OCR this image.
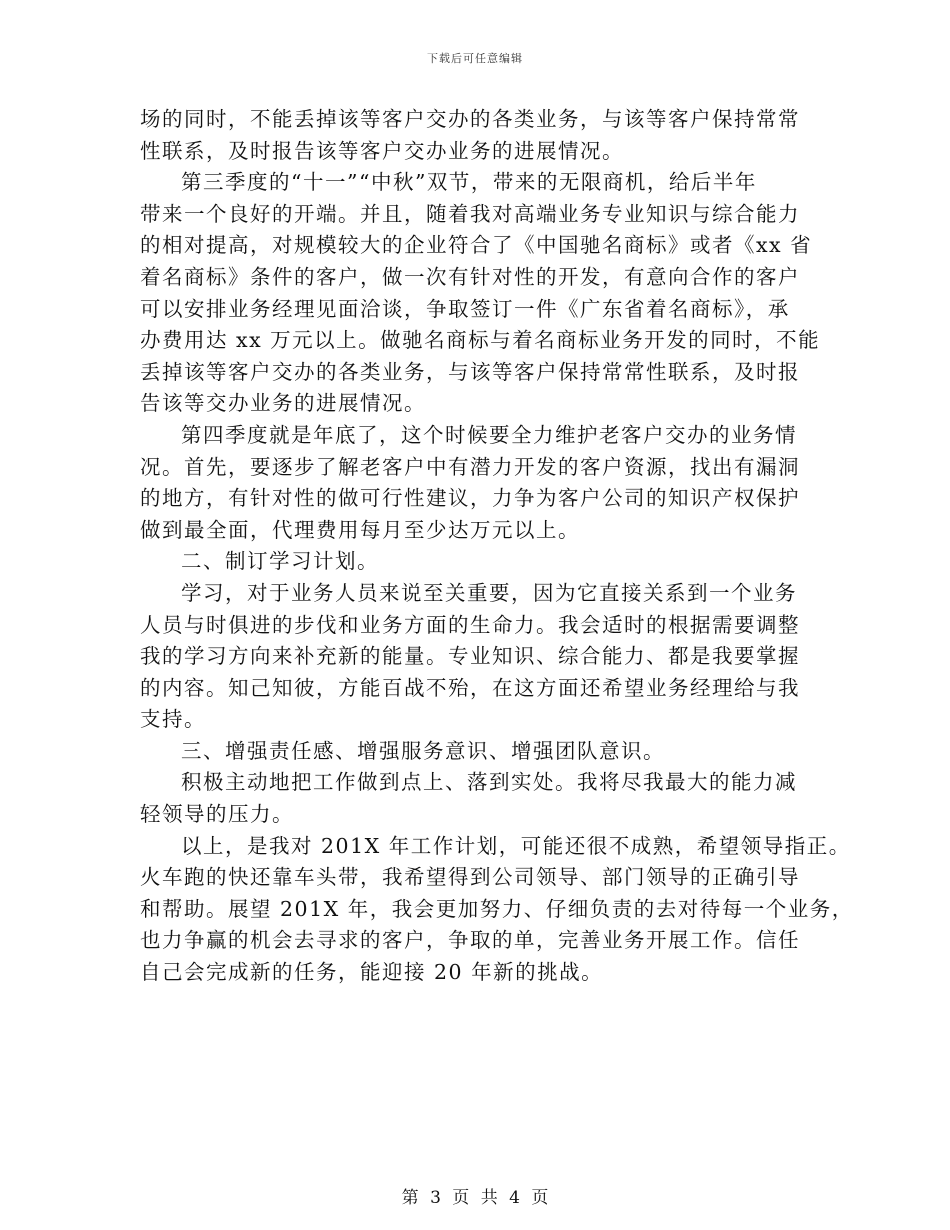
下载后可任意编辑
场的同时，不能丢掉该等客户交办的各类业务，与该等客户保持常常
性联系，及时报告该等客户交办业务的进展情况。
第三季度的“十一”“中秋”双节，带来的无限商机，给后半年
带来一个良好的开端。并且，随着我对高端业务专业知识与综合能力
的相对提高，对规模较大的企业符合了《中国驰名商标》或者《xx 省
着名商标》条件的客户，做一次有针对性的开发，有意向合作的客户
可以安排业务经理见面洽谈，争取签订一件《广东省着名商标》，承
办费用达 xx 万元以上。做驰名商标与着名商标业务开发的同时，不能
丢掉该等客户交办的各类业务，与该等客户保持常常性联系，及时报
告该等交办业务的进展情况。
第四季度就是年底了，这个时候要全力维护老客户交办的业务情
况。首先，要逐步了解老客户中有潜力开发的客户资源，找出有漏洞
的地方，有针对性的做可行性建议，力争为客户公司的知识产权保护
做到最全面，代理费用每月至少达万元以上。
二、制订学习计划。
学习，对于业务人员来说至关重要，因为它直接关系到一个业务
人员与时俱进的步伐和业务方面的生命力。我会适时的根据需要调整
我的学习方向来补充新的能量。专业知识、综合能力、都是我要掌握
的内容。知己知彼，方能百战不殆，在这方面还希望业务经理给与我
支持。
三、增强责任感、增强服务意识、增强团队意识。
积极主动地把工作做到点上、落到实处。我将尽我最大的能力减
轻领导的压力。
以上，是我对 201X 年工作计划，可能还很不成熟，希望领导指正。
火车跑的快还靠车头带，我希望得到公司领导、部门领导的正确引导
和帮助。展望 201X 年，我会更加努力、仔细负责的去对待每一个业务，
也力争赢的机会去寻求的客户，争取的单，完善业务开展工作。信任
自己会完成新的任务，能迎接 20 年新的挑战。
第 3 页 共 4 页
